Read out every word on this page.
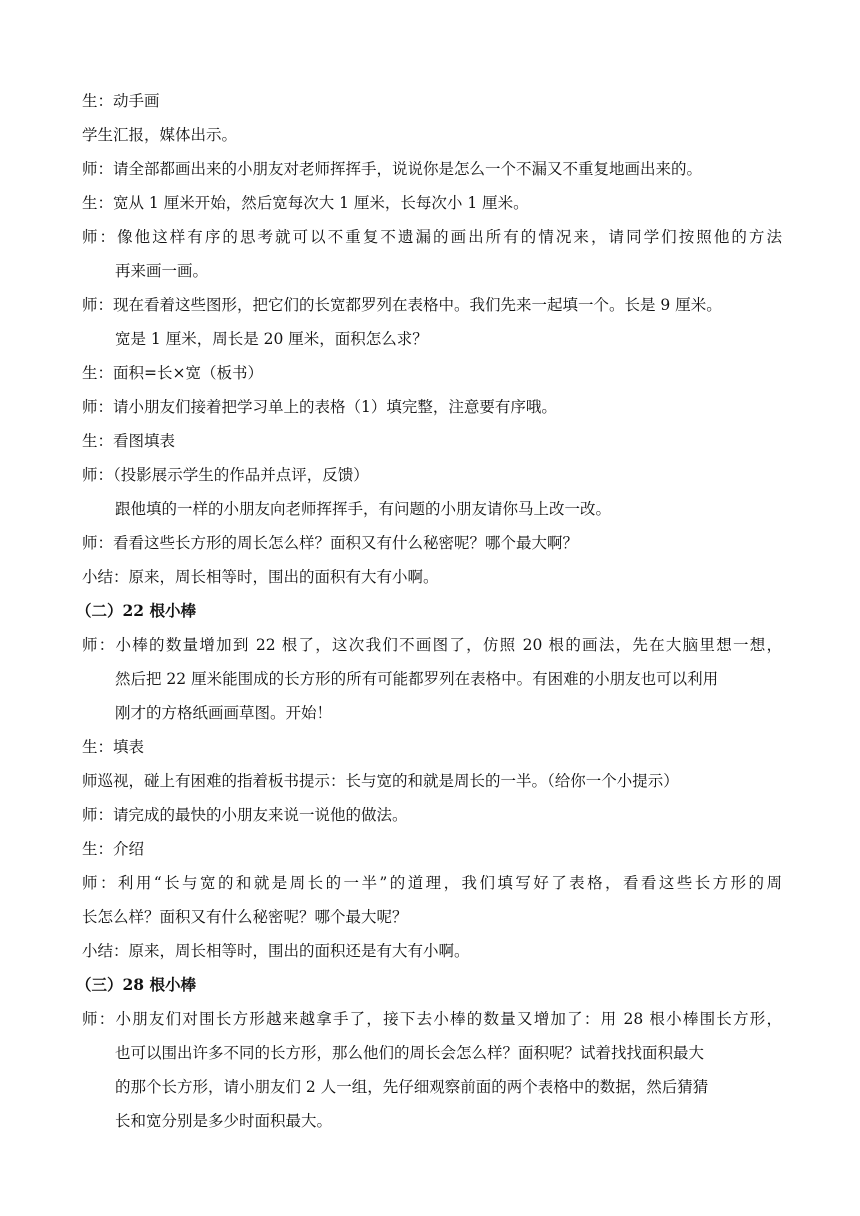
生：动手画

学生汇报，媒体出示。

师：请全部都画出来的小朋友对老师挥挥手，说说你是怎么一个不漏又不重复地画出来的。

生：宽从 1 厘米开始，然后宽每次大 1 厘米，长每次小 1 厘米。

师：像他这样有序的思考就可以不重复不遗漏的画出所有的情况来，请同学们按照他的方法

再来画一画。

师：现在看着这些图形，把它们的长宽都罗列在表格中。我们先来一起填一个。长是 9 厘米。

宽是 1 厘米，周长是 20 厘米，面积怎么求？

生：面积=长×宽（板书）

师：请小朋友们接着把学习单上的表格（1）填完整，注意要有序哦。

生：看图填表

师：（投影展示学生的作品并点评，反馈）

跟他填的一样的小朋友向老师挥挥手，有问题的小朋友请你马上改一改。

师：看看这些长方形的周长怎么样？面积又有什么秘密呢？哪个最大啊？

小结：原来，周长相等时，围出的面积有大有小啊。

（二）22 根小棒

师：小棒的数量增加到 22 根了，这次我们不画图了，仿照 20 根的画法，先在大脑里想一想，

然后把 22 厘米能围成的长方形的所有可能都罗列在表格中。有困难的小朋友也可以利用

刚才的方格纸画画草图。开始！

生：填表

师巡视，碰上有困难的指着板书提示：长与宽的和就是周长的一半。（给你一个小提示）

师：请完成的最快的小朋友来说一说他的做法。

生：介绍

师：利用“长与宽的和就是周长的一半”的道理，我们填写好了表格，看看这些长方形的周

长怎么样？面积又有什么秘密呢？哪个最大呢？

小结：原来，周长相等时，围出的面积还是有大有小啊。

（三）28 根小棒

师：小朋友们对围长方形越来越拿手了，接下去小棒的数量又增加了：用 28 根小棒围长方形，

也可以围出许多不同的长方形，那么他们的周长会怎么样？面积呢？试着找找面积最大

的那个长方形，请小朋友们 2 人一组，先仔细观察前面的两个表格中的数据，然后猜猜

长和宽分别是多少时面积最大。
